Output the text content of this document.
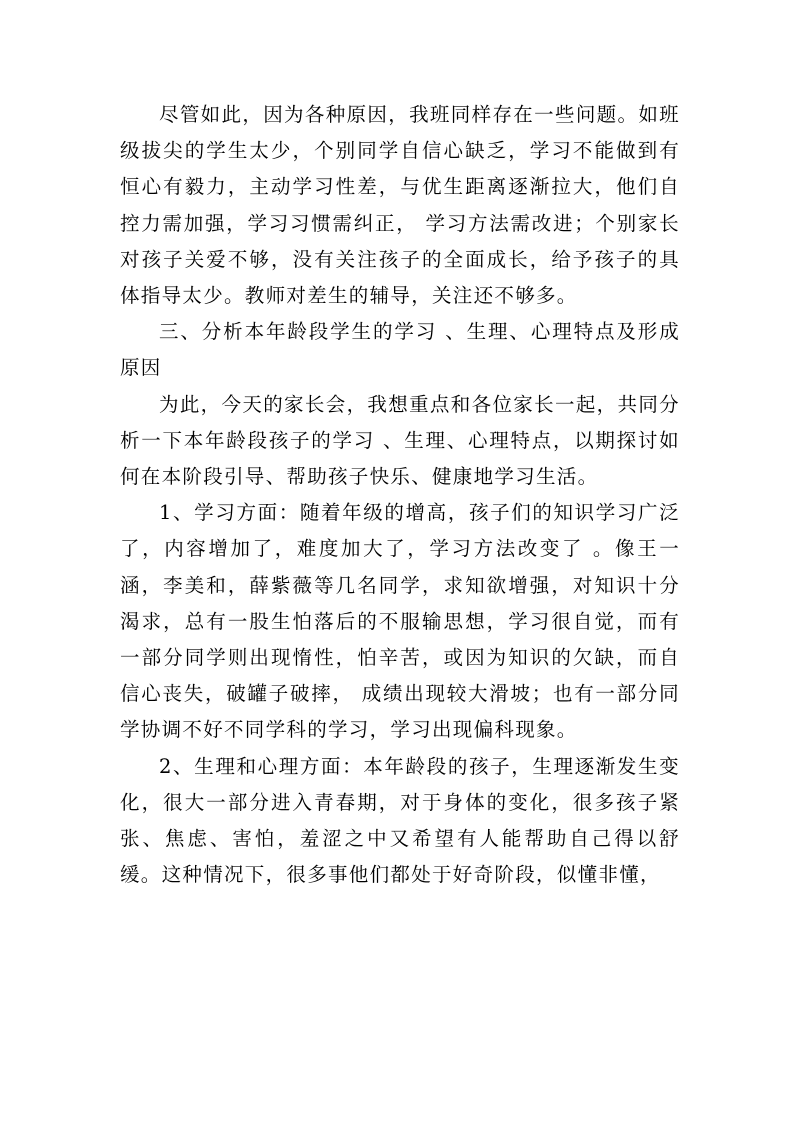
尽管如此，因为各种原因，我班同样存在一些问题。如班级拔尖的学生太少，个别同学自信心缺乏，学习不能做到有恒心有毅力，主动学习性差，与优生距离逐渐拉大，他们自控力需加强，学习习惯需纠正， 学习方法需改进；个别家长对孩子关爱不够，没有关注孩子的全面成长，给予孩子的具体指导太少。教师对差生的辅导，关注还不够多。

三、分析本年龄段学生的学习 、生理、心理特点及形成原因

为此，今天的家长会，我想重点和各位家长一起，共同分析一下本年龄段孩子的学习 、生理、心理特点，以期探讨如何在本阶段引导、帮助孩子快乐、健康地学习生活。

1、学习方面：随着年级的增高，孩子们的知识学习广泛了，内容增加了，难度加大了，学习方法改变了 。像王一涵，李美和，薛紫薇等几名同学，求知欲增强，对知识十分渴求，总有一股生怕落后的不服输思想，学习很自觉，而有一部分同学则出现惰性，怕辛苦，或因为知识的欠缺，而自信心丧失，破罐子破摔， 成绩出现较大滑坡；也有一部分同学协调不好不同学科的学习，学习出现偏科现象。

2、生理和心理方面：本年龄段的孩子，生理逐渐发生变化，很大一部分进入青春期，对于身体的变化，很多孩子紧张、焦虑、害怕，羞涩之中又希望有人能帮助自己得以舒缓。这种情况下，很多事他们都处于好奇阶段，似懂非懂，
